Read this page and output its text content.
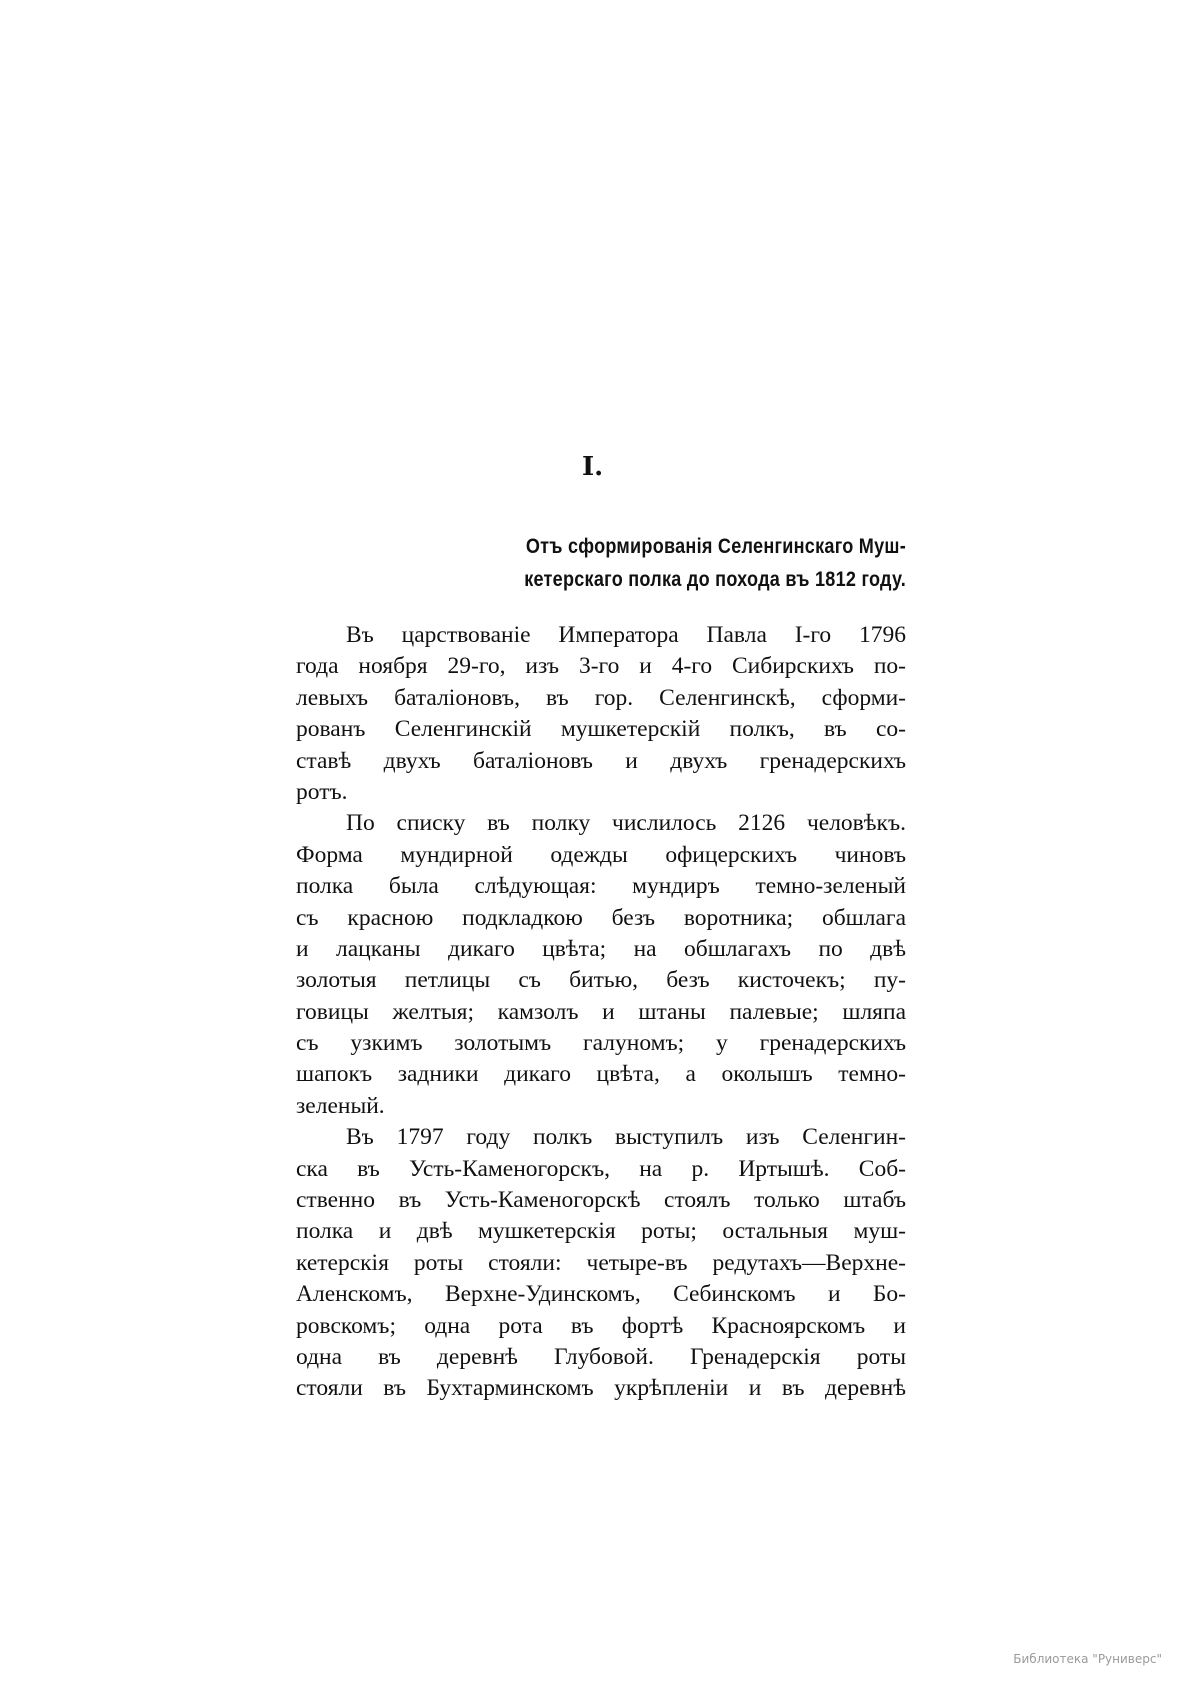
I.
Отъ сформированія Селенгинскаго Муш-
кетерскаго полка до похода въ 1812 году.
Въ царствованіе Императора Павла І-го 1796
года ноября 29-го, изъ 3-го и 4-го Сибирскихъ по-
левыхъ баталіоновъ, въ гор. Селенгинскѣ, сформи-
рованъ Селенгинскій мушкетерскій полкъ, въ со-
ставѣ двухъ баталіоновъ и двухъ гренадерскихъ
ротъ.
По списку въ полку числилось 2126 человѣкъ.
Форма мундирной одежды офицерскихъ чиновъ
полка была слѣдующая: мундиръ темно-зеленый
съ красною подкладкою безъ воротника; обшлага
и лацканы дикаго цвѣта; на обшлагахъ по двѣ
золотыя петлицы съ битью, безъ кисточекъ; пу-
говицы желтыя; камзолъ и штаны палевые; шляпа
съ узкимъ золотымъ галуномъ; у гренадерскихъ
шапокъ задники дикаго цвѣта, а околышъ темно-
зеленый.
Въ 1797 году полкъ выступилъ изъ Селенгин-
ска въ Усть-Каменогорскъ, на р. Иртышѣ. Соб-
ственно въ Усть-Каменогорскѣ стоялъ только штабъ
полка и двѣ мушкетерскія роты; остальныя муш-
кетерскія роты стояли: четыре-въ редутахъ—Верхне-
Аленскомъ, Верхне-Удинскомъ, Себинскомъ и Бо-
ровскомъ; одна рота въ фортѣ Красноярскомъ и
одна въ деревнѣ Глубовой. Гренадерскія роты
стояли въ Бухтарминскомъ укрѣпленіи и въ деревнѣ
Библиотека "Руниверс"
